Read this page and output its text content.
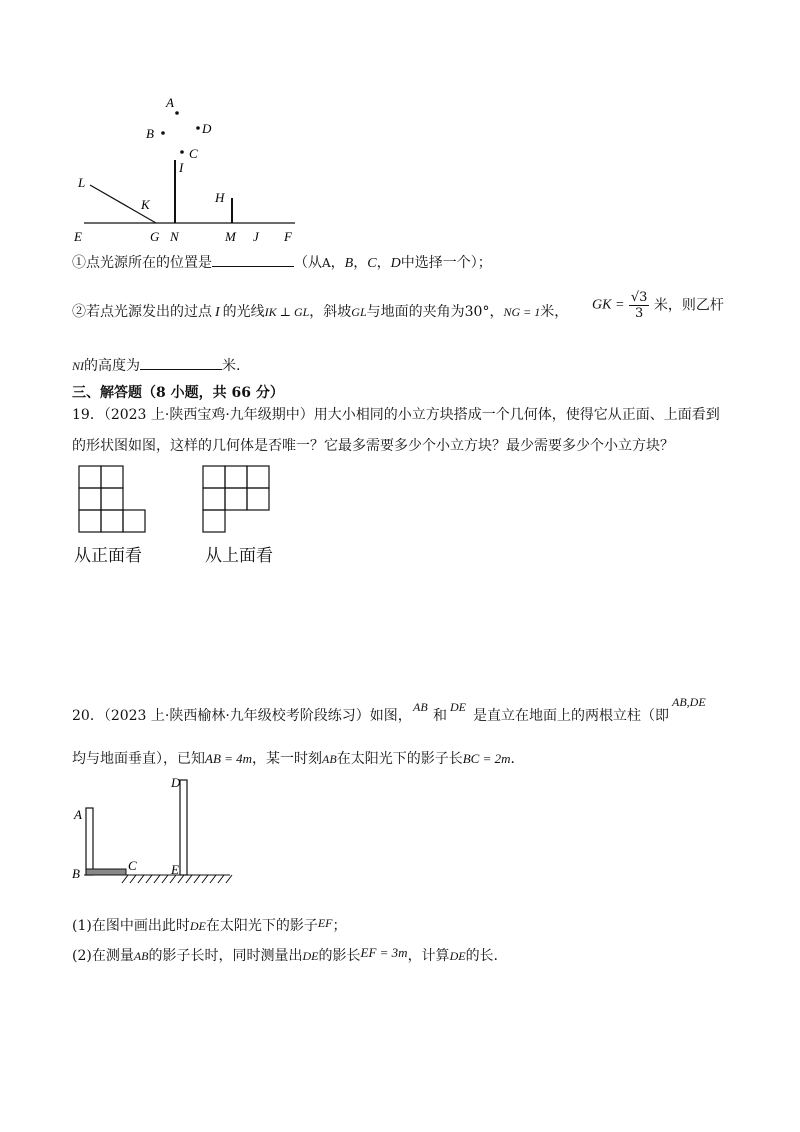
A
B	D
C
I
L
K	H
E	G N	M J F
①点光源所在的位置是	（从A，B，C，D中选择一个）；
②若点光源发出的过点 I 的光线IK ⊥ GL，斜坡GL与地面的夹角为30°，NG = 1米， GK = $\frac{√3}{3}$ 米，则乙杆
NI的高度为	米.
三、解答题（8 小题，共 66 分）
19．（2023 上·陕西宝鸡·九年级期中）用大小相同的小立方块搭成一个几何体，使得它从正面、上面看到
的形状图如图，这样的几何体是否唯一？它最多需要多少个小立方块？最少需要多少个小立方块？
从正面看	从上面看
20．（2023 上·陕西榆林·九年级校考阶段练习）如图，
AB
和
DE
是直立在地面上的两根立柱（即
AB,DE
均与地面垂直），已知AB = 4m，某一时刻AB在太阳光下的影子长BC = 2m．
A
B
C
D
E
(1)在图中画出此时DE在太阳光下的影子EF；
(2)在测量AB的影子长时，同时测量出DE的影长EF = 3m，计算DE的长.
